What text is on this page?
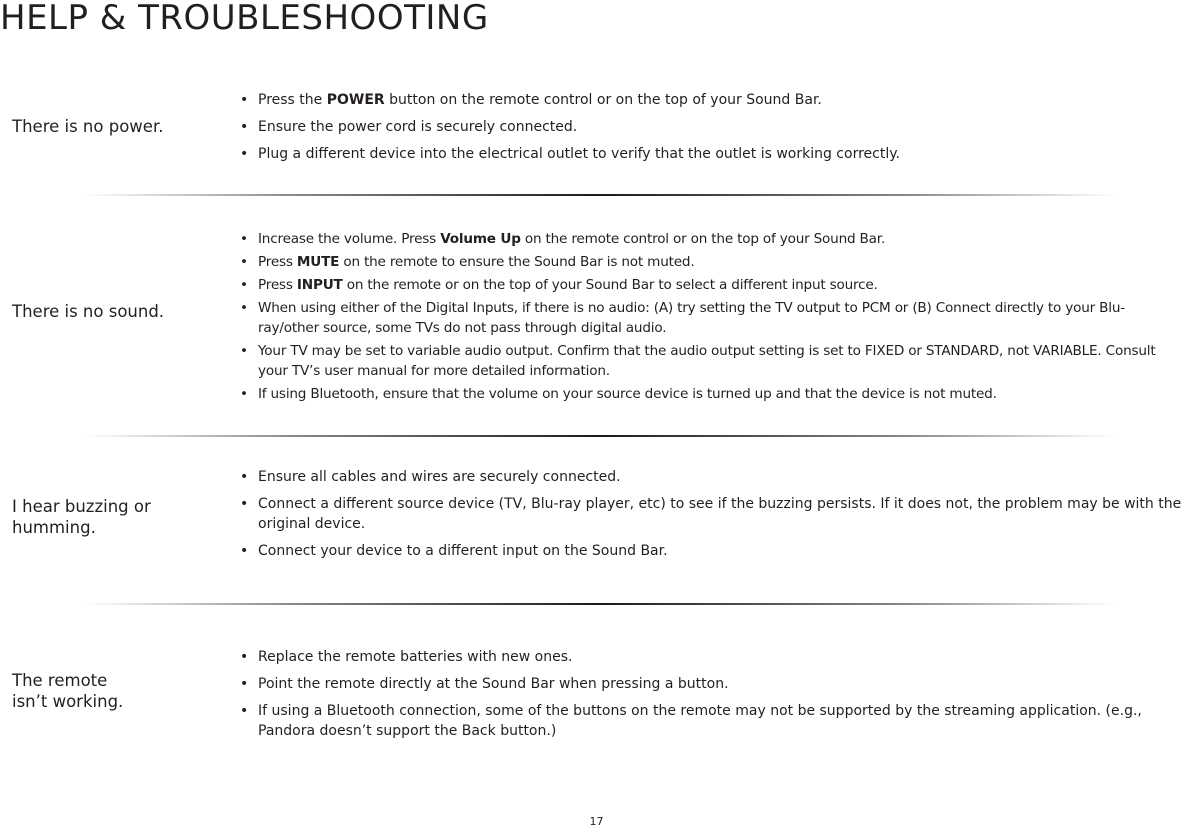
HELP & TROUBLESHOOTING
There is no power.
• Press the POWER button on the remote control or on the top of your Sound Bar.
• Ensure the power cord is securely connected.
• Plug a different device into the electrical outlet to verify that the outlet is working correctly.
There is no sound.
• Increase the volume. Press Volume Up on the remote control or on the top of your Sound Bar.
• Press MUTE on the remote to ensure the Sound Bar is not muted.
• Press INPUT on the remote or on the top of your Sound Bar to select a different input source.
• When using either of the Digital Inputs, if there is no audio: (A) try setting the TV output to PCM or (B) Connect directly to your Blu-ray/other source, some TVs do not pass through digital audio.
• Your TV may be set to variable audio output. Confirm that the audio output setting is set to FIXED or STANDARD, not VARIABLE. Consult your TV’s user manual for more detailed information.
• If using Bluetooth, ensure that the volume on your source device is turned up and that the device is not muted.
I hear buzzing or humming.
• Ensure all cables and wires are securely connected.
• Connect a different source device (TV, Blu-ray player, etc) to see if the buzzing persists. If it does not, the problem may be with the original device.
• Connect your device to a different input on the Sound Bar.
The remote
isn’t working.
• Replace the remote batteries with new ones.
• Point the remote directly at the Sound Bar when pressing a button.
• If using a Bluetooth connection, some of the buttons on the remote may not be supported by the streaming application. (e.g., Pandora doesn’t support the Back button.)
17
